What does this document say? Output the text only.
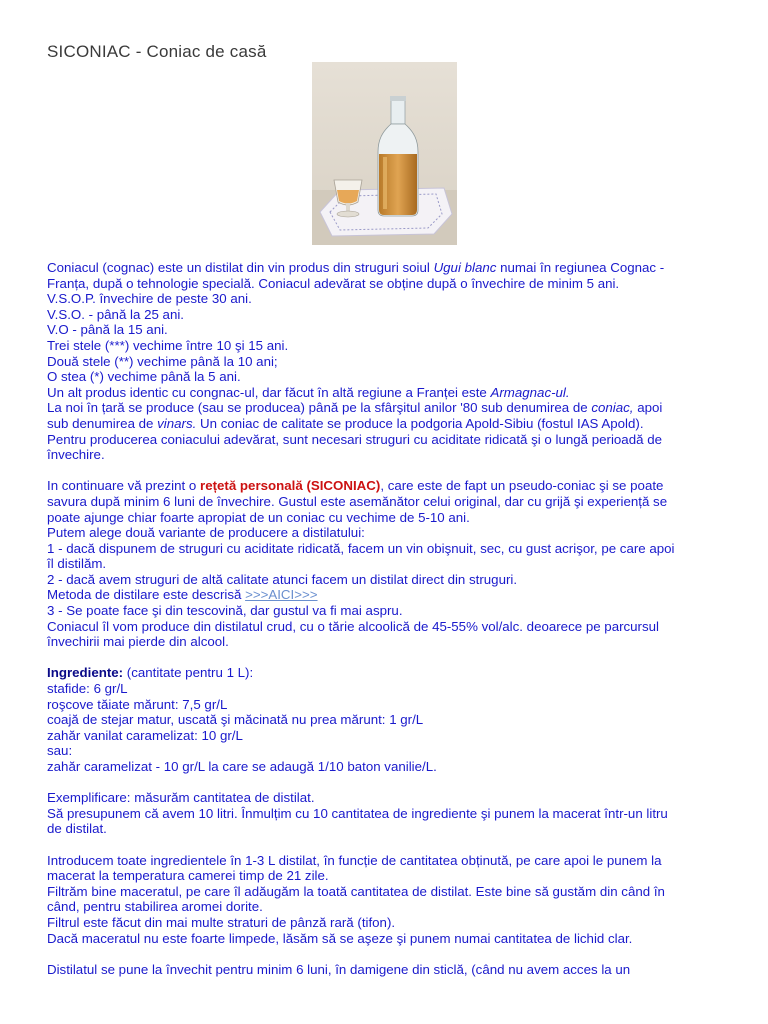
SICONIAC - Coniac de casă

Coniacul (cognac) este un distilat din vin produs din struguri soiul Ugui blanc numai în regiunea Cognac -

Franța, după o tehnologie specială. Coniacul adevărat se obține după o învechire de minim 5 ani.

V.S.O.P. învechire de peste 30 ani.

V.S.O. - până la 25 ani.

V.O - până la 15 ani.

Trei stele (***) vechime între 10 şi 15 ani.

Două stele (**) vechime până la 10 ani;

O stea (*) vechime până la 5 ani.

Un alt produs identic cu congnac-ul, dar făcut în altă regiune a Franței este Armagnac-ul.

La noi în țară se produce (sau se producea) până pe la sfârşitul anilor '80 sub denumirea de coniac, apoi

sub denumirea de vinars. Un coniac de calitate se produce la podgoria Apold-Sibiu (fostul IAS Apold).

Pentru producerea coniacului adevărat, sunt necesari struguri cu aciditate ridicată şi o lungă perioadă de

învechire.

In continuare vă prezint o rețetă personală (SICONIAC), care este de fapt un pseudo-coniac şi se poate

savura după minim 6 luni de învechire. Gustul este asemănător celui original, dar cu grijă şi experiență se

poate ajunge chiar foarte apropiat de un coniac cu vechime de 5-10 ani.

Putem alege două variante de producere a distilatului:

1 - dacă dispunem de struguri cu aciditate ridicată, facem un vin obişnuit, sec, cu gust acrişor, pe care apoi

îl distilăm.

2 - dacă avem struguri de altă calitate atunci facem un distilat direct din struguri.

Metoda de distilare este descrisă >>>AICI>>>

3 - Se poate face şi din tescovină, dar gustul va fi mai aspru.

Coniacul îl vom produce din distilatul crud, cu o tărie alcoolică de 45-55% vol/alc. deoarece pe parcursul

învechirii mai pierde din alcool.

Ingrediente: (cantitate pentru 1 L):

stafide: 6 gr/L

roşcove tăiate mărunt: 7,5 gr/L

coajă de stejar matur, uscată şi măcinată nu prea mărunt: 1 gr/L

zahăr vanilat caramelizat: 10 gr/L

sau:

zahăr caramelizat - 10 gr/L la care se adaugă 1/10 baton vanilie/L.

Exemplificare: măsurăm cantitatea de distilat.

Să presupunem că avem 10 litri. Înmulțim cu 10 cantitatea de ingrediente şi punem la macerat într-un litru

de distilat.

Introducem toate ingredientele în 1-3 L distilat, în funcție de cantitatea obținută, pe care apoi le punem la

macerat la temperatura camerei timp de 21 zile.

Filtrăm bine maceratul, pe care îl adăugăm la toată cantitatea de distilat. Este bine să gustăm din când în

când, pentru stabilirea aromei dorite.

Filtrul este făcut din mai multe straturi de pânză rară (tifon).

Dacă maceratul nu este foarte limpede, lăsăm să se aşeze şi punem numai cantitatea de lichid clar.

Distilatul se pune la învechit pentru minim 6 luni, în damigene din sticlă, (când nu avem acces la un
